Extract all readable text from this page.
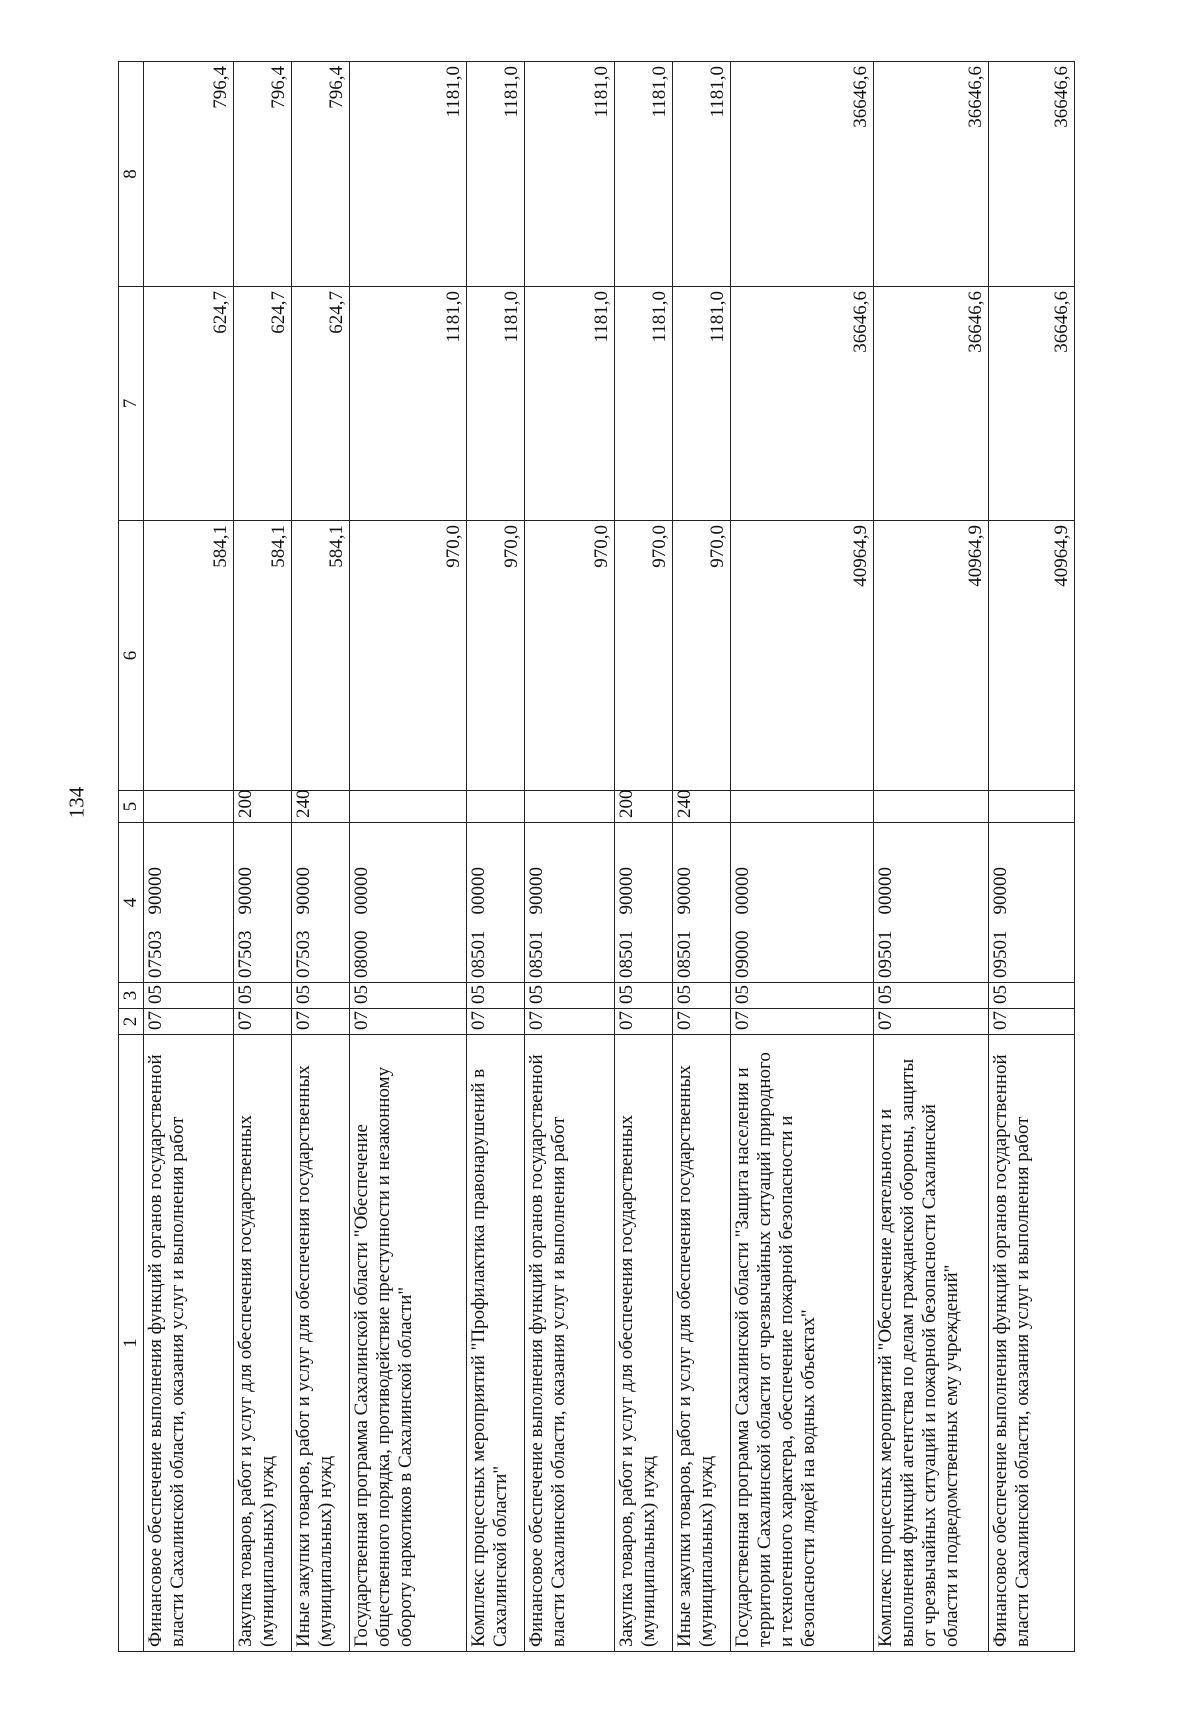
134
1	2	3	4	5	6	7	8
Финансовое обеспечение выполнения функций органов государственной власти Сахалинской области, оказания услуг и выполнения работ	07	05	0750390000		584,1	624,7	796,4
Закупка товаров, работ и услуг для обеспечения государственных (муниципальных) нужд	07	05	0750390000	200	584,1	624,7	796,4
Иные закупки товаров, работ и услуг для обеспечения государственных (муниципальных) нужд	07	05	0750390000	240	584,1	624,7	796,4
Государственная программа Сахалинской области "Обеспечение общественного порядка, противодействие преступности и незаконному обороту наркотиков в Сахалинской области"	07	05	0800000000		970,0	1181,0	1181,0
Комплекс процессных мероприятий "Профилактика правонарушений в Сахалинской области"	07	05	0850100000		970,0	1181,0	1181,0
Финансовое обеспечение выполнения функций органов государственной власти Сахалинской области, оказания услуг и выполнения работ	07	05	0850190000		970,0	1181,0	1181,0
Закупка товаров, работ и услуг для обеспечения государственных (муниципальных) нужд	07	05	0850190000	200	970,0	1181,0	1181,0
Иные закупки товаров, работ и услуг для обеспечения государственных (муниципальных) нужд	07	05	0850190000	240	970,0	1181,0	1181,0
Государственная программа Сахалинской области "Защита населения и территории Сахалинской области от чрезвычайных ситуаций природного и техногенного характера, обеспечение пожарной безопасности и безопасности людей на водных объектах"	07	05	0900000000		40964,9	36646,6	36646,6
Комплекс процессных мероприятий "Обеспечение деятельности и выполнения функций агентства по делам гражданской обороны, защиты от чрезвычайных ситуаций и пожарной безопасности Сахалинской области и подведомственных ему учреждений"	07	05	0950100000		40964,9	36646,6	36646,6
Финансовое обеспечение выполнения функций органов государственной власти Сахалинской области, оказания услуг и выполнения работ	07	05	0950190000		40964,9	36646,6	36646,6
